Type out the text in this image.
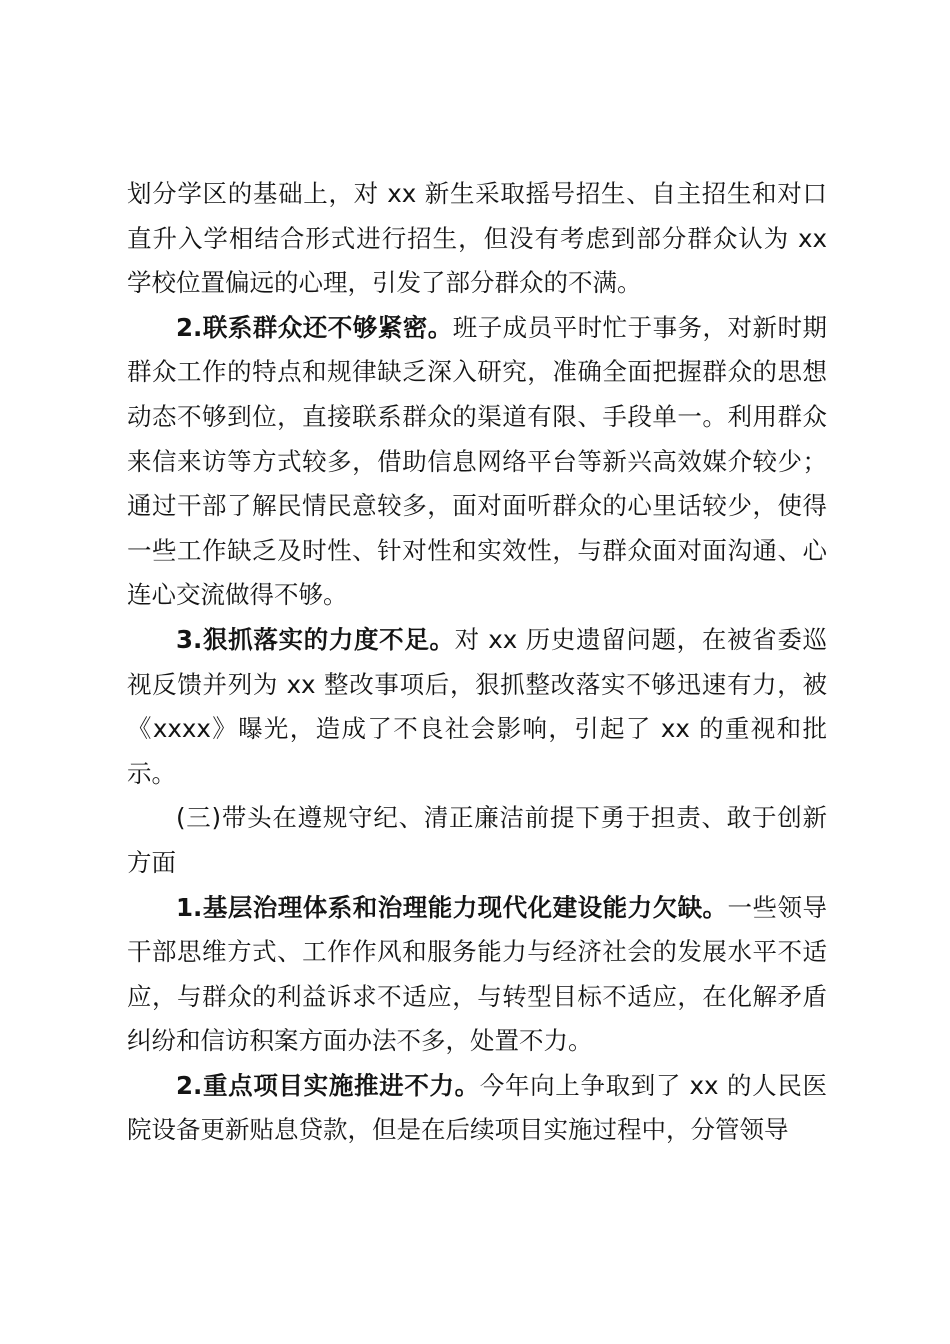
划分学区的基础上，对 xx 新生采取摇号招生、自主招生和对口直升入学相结合形式进行招生，但没有考虑到部分群众认为 xx 学校位置偏远的心理，引发了部分群众的不满。

2.联系群众还不够紧密。班子成员平时忙于事务，对新时期群众工作的特点和规律缺乏深入研究，准确全面把握群众的思想动态不够到位，直接联系群众的渠道有限、手段单一。利用群众来信来访等方式较多，借助信息网络平台等新兴高效媒介较少；通过干部了解民情民意较多，面对面听群众的心里话较少，使得一些工作缺乏及时性、针对性和实效性，与群众面对面沟通、心连心交流做得不够。

3.狠抓落实的力度不足。对 xx 历史遗留问题，在被省委巡视反馈并列为 xx 整改事项后，狠抓整改落实不够迅速有力，被《xxxx》曝光，造成了不良社会影响，引起了 xx 的重视和批示。

(三)带头在遵规守纪、清正廉洁前提下勇于担责、敢于创新方面

1.基层治理体系和治理能力现代化建设能力欠缺。一些领导干部思维方式、工作作风和服务能力与经济社会的发展水平不适应，与群众的利益诉求不适应，与转型目标不适应，在化解矛盾纠纷和信访积案方面办法不多，处置不力。

2.重点项目实施推进不力。今年向上争取到了 xx 的人民医院设备更新贴息贷款，但是在后续项目实施过程中，分管领导
